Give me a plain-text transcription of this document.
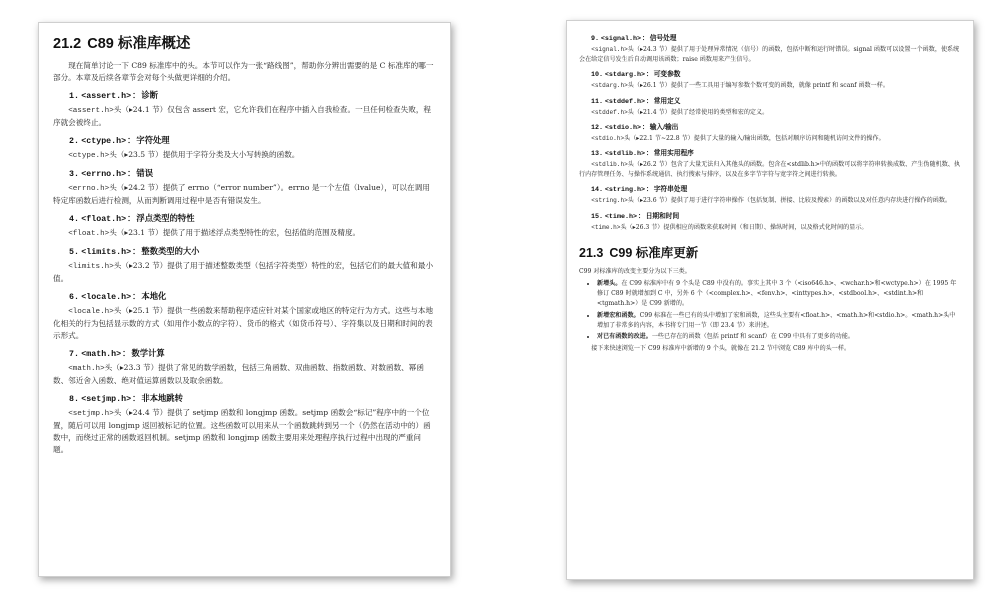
21.2 C89 标准库概述

现在简单讨论一下 C89 标准库中的头。本节可以作为一张“路线图”，帮助你分辨出需要的是 C 标准库的哪一部分。本章及后续各章节会对每个头做更详细的介绍。

1. <assert.h>：诊断

<assert.h>头（▸24.1 节）仅包含 assert 宏，它允许我们在程序中插入自我检查。一旦任何检查失败，程序就会被终止。

2. <ctype.h>：字符处理

<ctype.h>头（▸23.5 节）提供用于字符分类及大小写转换的函数。

3. <errno.h>：错误

<errno.h>头（▸24.2 节）提供了 errno（“error number”）。errno 是一个左值（lvalue），可以在调用特定库函数后进行检测，从而判断调用过程中是否有错误发生。

4. <float.h>：浮点类型的特性

<float.h>头（▸23.1 节）提供了用于描述浮点类型特性的宏，包括值的范围及精度。

5. <limits.h>：整数类型的大小

<limits.h>头（▸23.2 节）提供了用于描述整数类型（包括字符类型）特性的宏，包括它们的最大值和最小值。

6. <locale.h>：本地化

<locale.h>头（▸25.1 节）提供一些函数来帮助程序适应针对某个国家或地区的特定行为方式。这些与本地化相关的行为包括显示数的方式（如用作小数点的字符）、货币的格式（如货币符号）、字符集以及日期和时间的表示形式。

7. <math.h>：数学计算

<math.h>头（▸23.3 节）提供了常见的数学函数，包括三角函数、双曲函数、指数函数、对数函数、幂函数、邻近舍入函数、绝对值运算函数以及取余函数。

8. <setjmp.h>：非本地跳转

<setjmp.h>头（▸24.4 节）提供了 setjmp 函数和 longjmp 函数。setjmp 函数会“标记”程序中的一个位置，随后可以用 longjmp 返回被标记的位置。这些函数可以用来从一个函数跳转到另一个（仍然在活动中的）函数中，而绕过正常的函数返回机制。setjmp 函数和 longjmp 函数主要用来处理程序执行过程中出现的严重问题。

9. <signal.h>：信号处理

<signal.h>头（▸24.3 节）提供了用于处理异常情况（信号）的函数，包括中断和运行时错误。signal 函数可以设置一个函数，使系统会在给定信号发生后自动调用该函数；raise 函数用来产生信号。

10. <stdarg.h>：可变参数

<stdarg.h>头（▸26.1 节）提供了一些工具用于编写参数个数可变的函数，就像 printf 和 scanf 函数一样。

11. <stddef.h>：常用定义

<stddef.h>头（▸21.4 节）提供了经常使用的类型和宏的定义。

12. <stdio.h>：输入/输出

<stdio.h>头（▸22.1 节~22.8 节）提供了大量的输入/输出函数，包括对顺序访问和随机访问文件的操作。

13. <stdlib.h>：常用实用程序

<stdlib.h>头（▸26.2 节）包含了大量无法归入其他头的函数。包含在<stdlib.h>中的函数可以将字符串转换成数、产生伪随机数、执行内存管理任务、与操作系统通信、执行搜索与排序，以及在多字节字符与宽字符之间进行转换。

14. <string.h>：字符串处理

<string.h>头（▸23.6 节）提供了用于进行字符串操作（包括复制、拼接、比较及搜索）的函数以及对任意内存块进行操作的函数。

15. <time.h>：日期和时间

<time.h>头（▸26.3 节）提供相应的函数来获取时间（和日期）、操纵时间，以及格式化时间的显示。

21.3 C99 标准库更新

C99 对标准库的改变主要分为以下三类。

• 新增头。在 C99 标准库中有 9 个头是 C89 中没有的。事实上其中 3 个（<iso646.h>、<wchar.h>和<wctype.h>）在 1995 年修订 C89 时就增加到 C 中，另外 6 个（<complex.h>、<fenv.h>、<inttypes.h>、<stdbool.h>、<stdint.h>和<tgmath.h>）是 C99 新增的。
• 新增宏和函数。C99 标准在一些已有的头中增加了宏和函数，这些头主要有<float.h>、<math.h>和<stdio.h>。<math.h>头中增加了非常多的内容，本书将专门用一节（即 23.4 节）来讲述。
• 对已有函数的改进。一些已存在的函数（包括 printf 和 scanf）在 C99 中具有了更多的功能。

接下来快速浏览一下 C99 标准库中新增的 9 个头，就像在 21.2 节中浏览 C89 库中的头一样。
